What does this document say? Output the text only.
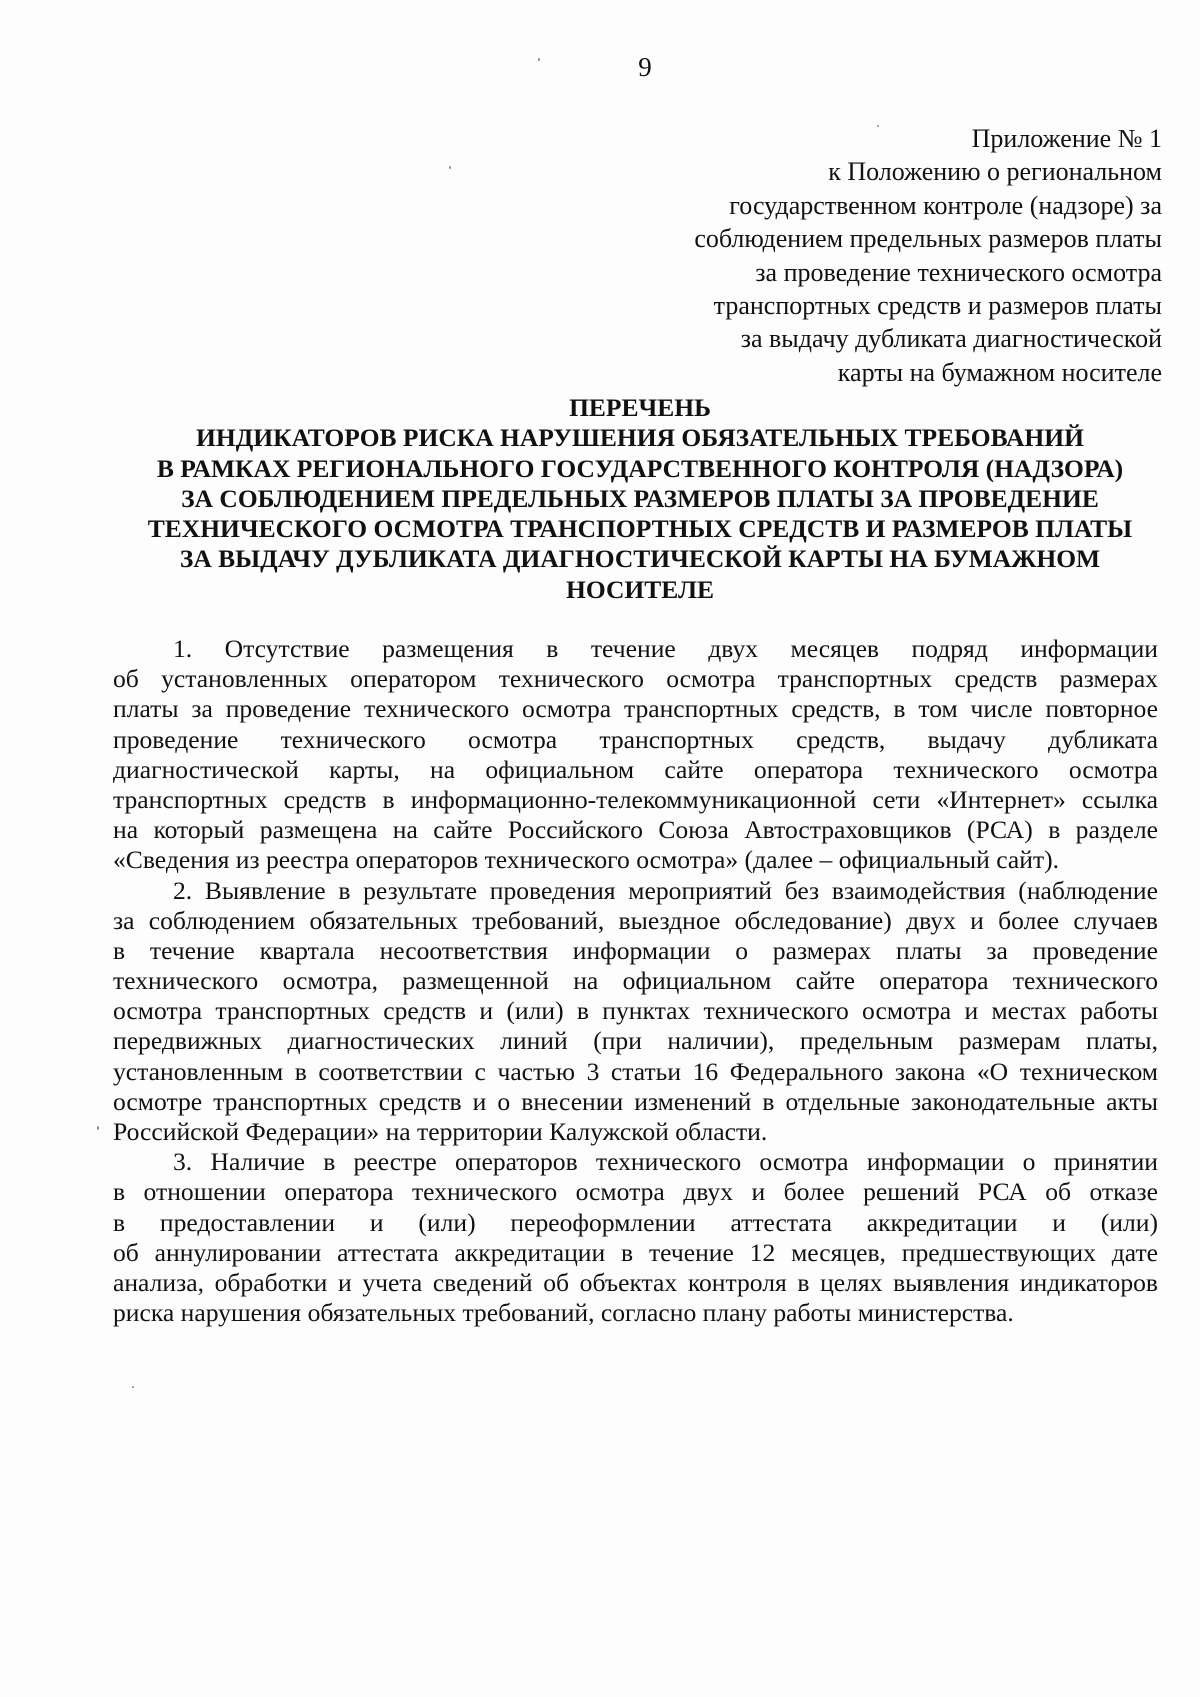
9
Приложение № 1
к Положению о региональном
государственном контроле (надзоре) за
соблюдением предельных размеров платы
за проведение технического осмотра
транспортных средств и размеров платы
за выдачу дубликата диагностической
карты на бумажном носителе
ПЕРЕЧЕНЬ
ИНДИКАТОРОВ РИСКА НАРУШЕНИЯ ОБЯЗАТЕЛЬНЫХ ТРЕБОВАНИЙ
В РАМКАХ РЕГИОНАЛЬНОГО ГОСУДАРСТВЕННОГО КОНТРОЛЯ (НАДЗОРА)
ЗА СОБЛЮДЕНИЕМ ПРЕДЕЛЬНЫХ РАЗМЕРОВ ПЛАТЫ ЗА ПРОВЕДЕНИЕ
ТЕХНИЧЕСКОГО ОСМОТРА ТРАНСПОРТНЫХ СРЕДСТВ И РАЗМЕРОВ ПЛАТЫ
ЗА ВЫДАЧУ ДУБЛИКАТА ДИАГНОСТИЧЕСКОЙ КАРТЫ НА БУМАЖНОМ
НОСИТЕЛЕ
1. Отсутствие размещения в течение двух месяцев подряд информации
об установленных оператором технического осмотра транспортных средств размерах
платы за проведение технического осмотра транспортных средств, в том числе повторное
проведение технического осмотра транспортных средств, выдачу дубликата
диагностической карты, на официальном сайте оператора технического осмотра
транспортных средств в информационно-телекоммуникационной сети «Интернет» ссылка
на который размещена на сайте Российского Союза Автостраховщиков (РСА) в разделе
«Сведения из реестра операторов технического осмотра» (далее – официальный сайт).
2. Выявление в результате проведения мероприятий без взаимодействия (наблюдение
за соблюдением обязательных требований, выездное обследование) двух и более случаев
в течение квартала несоответствия информации о размерах платы за проведение
технического осмотра, размещенной на официальном сайте оператора технического
осмотра транспортных средств и (или) в пунктах технического осмотра и местах работы
передвижных диагностических линий (при наличии), предельным размерам платы,
установленным в соответствии с частью 3 статьи 16 Федерального закона «О техническом
осмотре транспортных средств и о внесении изменений в отдельные законодательные акты
Российской Федерации» на территории Калужской области.
3. Наличие в реестре операторов технического осмотра информации о принятии
в отношении оператора технического осмотра двух и более решений РСА об отказе
в предоставлении и (или) переоформлении аттестата аккредитации и (или)
об аннулировании аттестата аккредитации в течение 12 месяцев, предшествующих дате
анализа, обработки и учета сведений об объектах контроля в целях выявления индикаторов
риска нарушения обязательных требований, согласно плану работы министерства.
